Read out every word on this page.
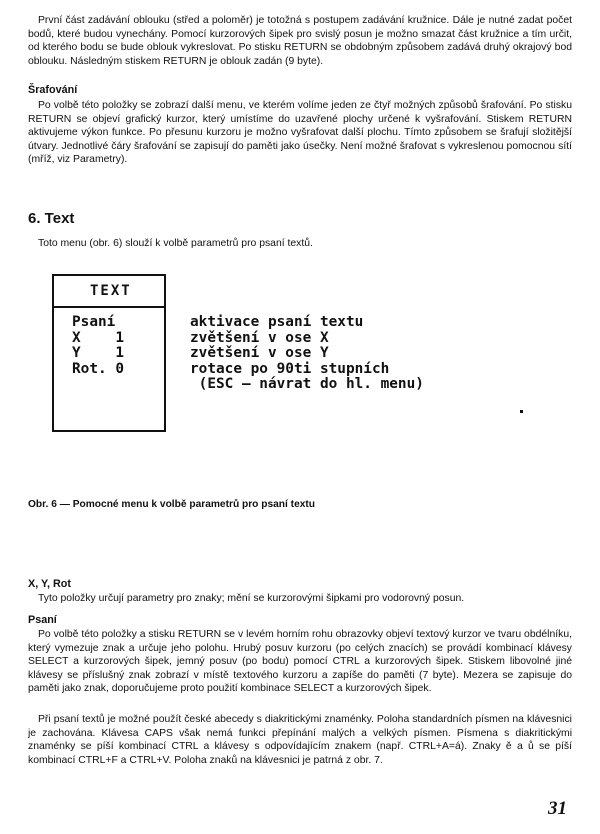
První část zadávání oblouku (střed a poloměr) je totožná s postupem zadávání kružnice. Dále je nutné zadat počet bodů, které budou vynechány. Pomocí kurzorových šipek pro svislý posun je možno smazat část kružnice a tím určit, od kterého bodu se bude oblouk vykreslovat. Po stisku RETURN se obdobným způsobem zadává druhý okrajový bod oblouku. Následným stiskem RETURN je oblouk zadán (9 byte).

Šrafování

Po volbě této položky se zobrazí další menu, ve kterém volíme jeden ze čtyř možných způsobů šrafování. Po stisku RETURN se objeví grafický kurzor, který umístíme do uzavřené plochy určené k vyšrafování. Stiskem RETURN aktivujeme výkon funkce. Po přesunu kurzoru je možno vyšrafovat další plochu. Tímto způsobem se šrafují složitější útvary. Jednotlivé čáry šrafování se zapisují do paměti jako úsečky. Není možné šrafovat s vykreslenou pomocnou sítí (mříž, viz Parametry).

6. Text

Toto menu (obr. 6) slouží k volbě parametrů pro psaní textů.

TEXT
Psaní
X    1
Y    1
Rot. 0
aktivace psaní textu
zvětšení v ose X
zvětšení v ose Y
rotace po 90ti stupních
(ESC – návrat do hl. menu)

Obr. 6 — Pomocné menu k volbě parametrů pro psaní textu

X, Y, Rot

Tyto položky určují parametry pro znaky; mění se kurzorovými šipkami pro vodorovný posun.

Psaní

Po volbě této položky a stisku RETURN se v levém horním rohu obrazovky objeví textový kurzor ve tvaru obdélníku, který vymezuje znak a určuje jeho polohu. Hrubý posuv kurzoru (po celých znacích) se provádí kombinací klávesy SELECT a kurzorových šipek, jemný posuv (po bodu) pomocí CTRL a kurzorových šipek. Stiskem libovolné jiné klávesy se příslušný znak zobrazí v místě textového kurzoru a zapíše do paměti (7 byte). Mezera se zapisuje do paměti jako znak, doporučujeme proto použití kombinace SELECT a kurzorových šipek.

Při psaní textů je možné použít české abecedy s diakritickými znaménky. Poloha standardních písmen na klávesnici je zachována. Klávesa CAPS však nemá funkci přepínání malých a velkých písmen. Písmena s diakritickými znaménky se píší kombinací CTRL a klávesy s odpovídajícím znakem (např. CTRL+A=á). Znaky ě a ů se píší kombinací CTRL+F a CTRL+V. Poloha znaků na klávesnici je patrná z obr. 7.

31
